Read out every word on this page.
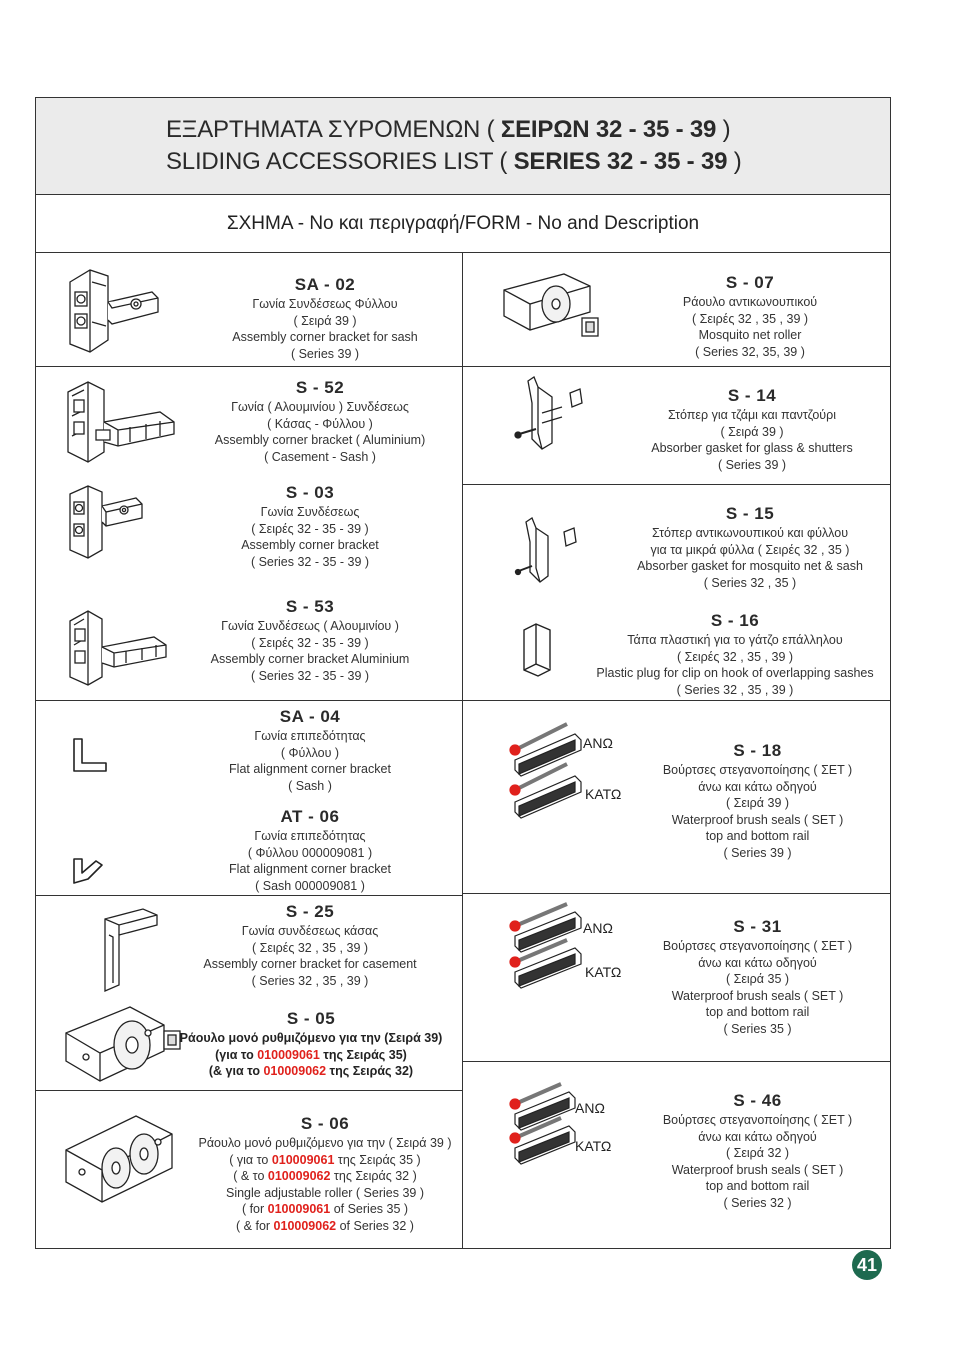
ΕΞΑΡΤΗΜΑΤΑ ΣΥΡΟΜΕΝΩΝ ( ΣΕΙΡΩΝ 32 - 35 - 39 )
SLIDING ACCESSORIES LIST ( SERIES 32 - 35 - 39 )
ΣΧΗΜΑ - Νο και περιγραφή/FORM - No and Description
SA - 02
Γωνία Συνδέσεως Φύλλου
( Σειρά 39 )
Assembly corner bracket for sash
( Series 39 )
S - 52
Γωνία ( Αλουμινίου ) Συνδέσεως
( Κάσας - Φύλλου )
Assembly corner bracket ( Aluminium)
( Casement - Sash )
S - 03
Γωνία Συνδέσεως
( Σειρές 32 - 35 - 39 )
Assembly corner bracket
( Series 32 - 35 - 39 )
S - 53
Γωνία Συνδέσεως ( Αλουμινίου )
( Σειρές 32 - 35 - 39 )
Assembly corner bracket Aluminium
( Series 32 - 35 - 39 )
SA - 04
Γωνία επιπεδότητας
( Φύλλου )
Flat alignment corner bracket
( Sash )
AT - 06
Γωνία επιπεδότητας
( Φύλλου 000009081 )
Flat alignment corner bracket
( Sash 000009081 )
S - 25
Γωνία συνδέσεως κάσας
( Σειρές 32 , 35 , 39 )
Assembly corner bracket for casement
( Series 32 , 35 , 39 )
S - 05
Ράουλο μονό ρυθμιζόμενο για την (Σειρά 39)
(για το 010009061 της Σειράς 35)
(& για το 010009062 της Σειράς 32)
S - 06
Ράουλο μονό ρυθμιζόμενο για την ( Σειρά 39 )
( για το 010009061 της Σειράς 35 )
( & το 010009062 της Σειράς 32 )
Single adjustable roller ( Series 39 )
( for 010009061 of Series 35 )
( & for 010009062 of Series 32 )
S - 07
Ράουλο αντικωνουπικού
( Σειρές 32 , 35 , 39 )
Mosquito net roller
( Series 32, 35, 39 )
S - 14
Στόπερ για τζάμι και παντζούρι
( Σειρά 39 )
Absorber gasket for glass & shutters
( Series 39 )
S - 15
Στόπερ αντικωνουπικού και φύλλου
για τα μικρά φύλλα ( Σειρές 32 , 35 )
Absorber gasket for mosquito net & sash
( Series 32 , 35 )
S - 16
Τάπα πλαστική για το γάτζο επάλληλου
( Σειρές 32 , 35 , 39 )
Plastic plug for clip on hook of overlapping sashes
( Series 32 , 35 , 39 )
S - 18
Βούρτσες στεγανοποίησης ( ΣΕΤ )
άνω και κάτω οδηγού
( Σειρά 39 )
Waterproof brush seals ( SET )
top and bottom rail
( Series 39 )
S - 31
Βούρτσες στεγανοποίησης ( ΣΕΤ )
άνω και κάτω οδηγού
( Σειρά 35 )
Waterproof brush seals ( SET )
top and bottom rail
( Series 35 )
S - 46
Βούρτσες στεγανοποίησης ( ΣΕΤ )
άνω και κάτω οδηγού
( Σειρά 32 )
Waterproof brush seals ( SET )
top and bottom rail
( Series 32 )
ΑΝΩ
ΚΑΤΩ
ΑΝΩ
ΚΑΤΩ
ΑΝΩ
ΚΑΤΩ
41
